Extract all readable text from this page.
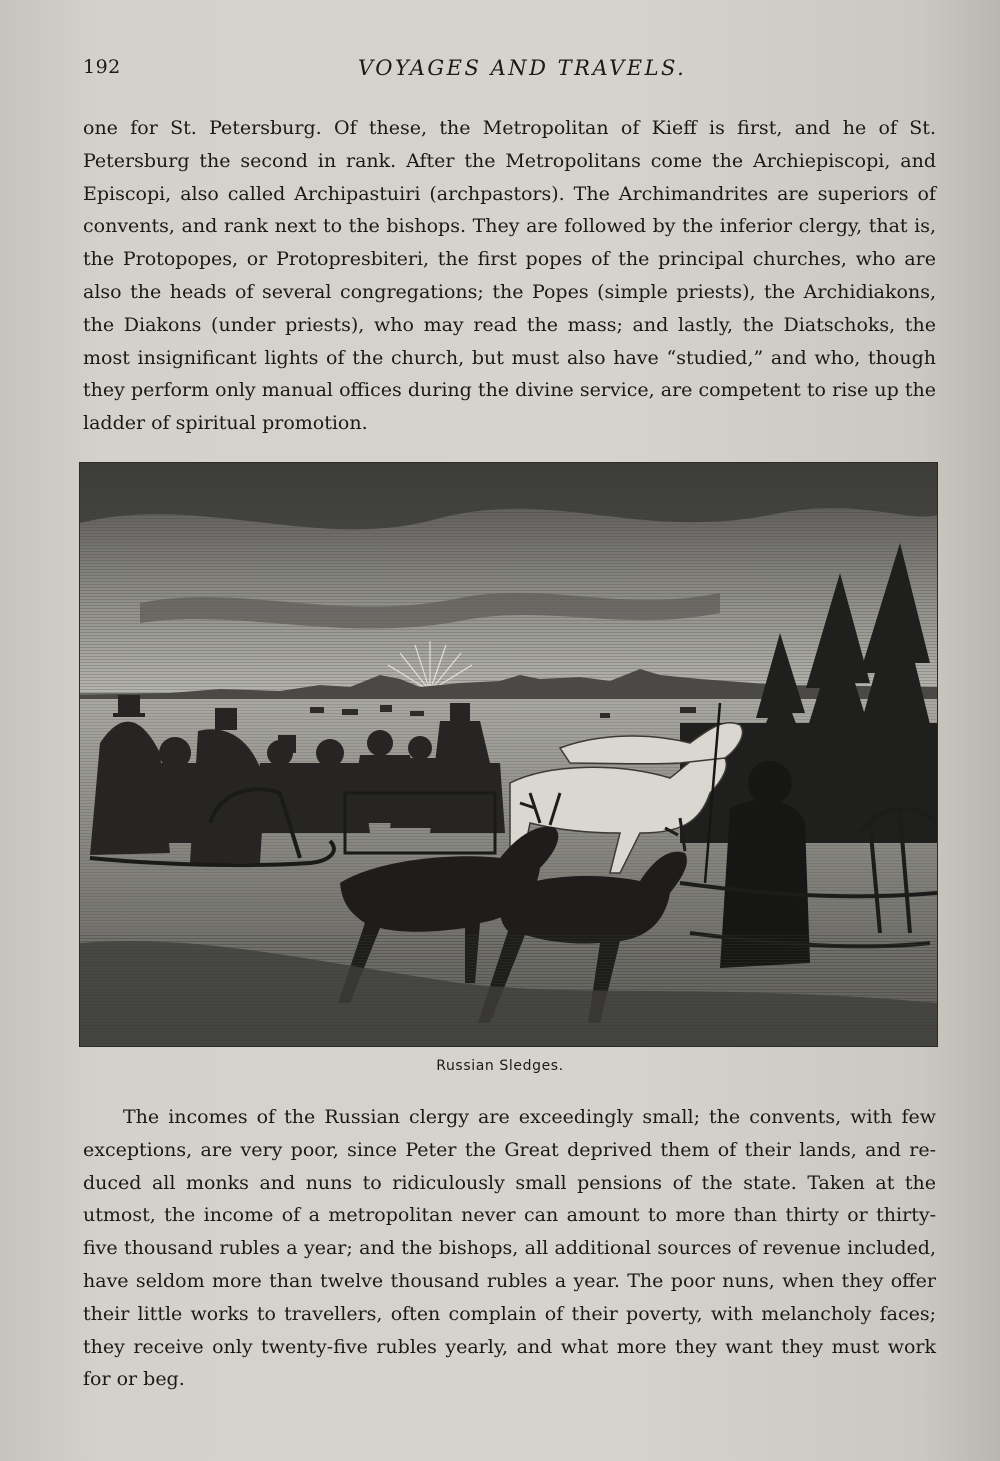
192	VOYAGES AND TRAVELS.

one for St. Petersburg. Of these, the Metropolitan of Kieff is first, and he of St. Petersburg the second in rank. After the Metropolitans come the Archiepiscopi, and Episcopi, also called Archipastuiri (archpastors). The Archimandrites are superiors of convents, and rank next to the bishops. They are followed by the inferior clergy, that is, the Protopopes, or Protopresbiteri, the first popes of the principal churches, who are also the heads of several congregations; the Popes (simple priests), the Archidiakons, the Diakons (under priests), who may read the mass; and lastly, the Diatschoks, the most insignificant lights of the church, but must also have “studied,” and who, though they perform only manual offices during the divine service, are competent to rise up the ladder of spiritual promotion.

Russian Sledges.

The incomes of the Russian clergy are exceedingly small; the convents, with few exceptions, are very poor, since Peter the Great deprived them of their lands, and reduced all monks and nuns to ridiculously small pensions of the state. Taken at the utmost, the income of a metropolitan never can amount to more than thirty or thirty-five thousand rubles a year; and the bishops, all additional sources of revenue included, have seldom more than twelve thousand rubles a year. The poor nuns, when they offer their little works to travellers, often complain of their poverty, with melancholy faces; they receive only twenty-five rubles yearly, and what more they want they must work for or beg.
